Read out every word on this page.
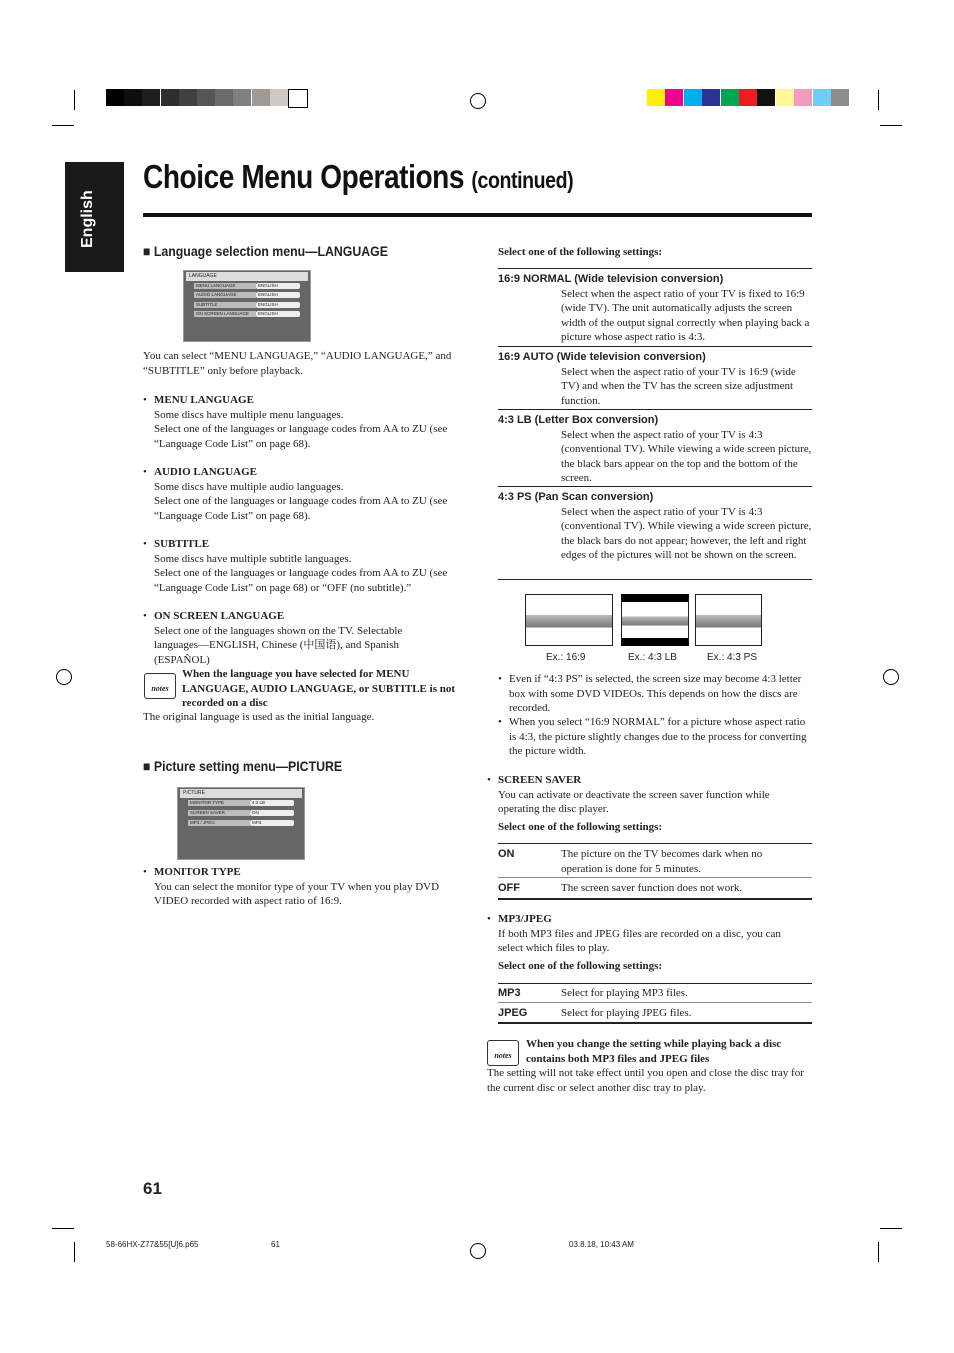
English
Choice Menu Operations (continued)
■ Language selection menu—LANGUAGE
LANGUAGE
MENU LANGUAGE	ENGLISH
AUDIO LANGUAGE	ENGLISH
SUBTITLE	ENGLISH
ON SCREEN LANGUAGE	ENGLISH
You can select “MENU LANGUAGE,” “AUDIO LANGUAGE,” and “SUBTITLE” only before playback.
• MENU LANGUAGE
Some discs have multiple menu languages.
Select one of the languages or language codes from AA to ZU (see “Language Code List” on page 68).
• AUDIO LANGUAGE
Some discs have multiple audio languages.
Select one of the languages or language codes from AA to ZU (see “Language Code List” on page 68).
• SUBTITLE
Some discs have multiple subtitle languages.
Select one of the languages or language codes from AA to ZU (see “Language Code List” on page 68) or “OFF (no subtitle).”
• ON SCREEN LANGUAGE
Select one of the languages shown on the TV. Selectable languages—ENGLISH, Chinese (中国语), and Spanish (ESPAÑOL)
notes
When the language you have selected for MENU LANGUAGE, AUDIO LANGUAGE, or SUBTITLE is not recorded on a disc
The original language is used as the initial language.
■ Picture setting menu—PICTURE
PICTURE
MONITOR TYPE	4:3 LB
SCREEN SAVER	ON
MP3 / JPEG	MP3
• MONITOR TYPE
You can select the monitor type of your TV when you play DVD VIDEO recorded with aspect ratio of 16:9.
Select one of the following settings:
16:9 NORMAL (Wide television conversion)
Select when the aspect ratio of your TV is fixed to 16:9 (wide TV). The unit automatically adjusts the screen width of the output signal correctly when playing back a picture whose aspect ratio is 4:3.
16:9 AUTO (Wide television conversion)
Select when the aspect ratio of your TV is 16:9 (wide TV) and when the TV has the screen size adjustment function.
4:3 LB (Letter Box conversion)
Select when the aspect ratio of your TV is 4:3 (conventional TV). While viewing a wide screen picture, the black bars appear on the top and the bottom of the screen.
4:3 PS (Pan Scan conversion)
Select when the aspect ratio of your TV is 4:3 (conventional TV). While viewing a wide screen picture, the black bars do not appear; however, the left and right edges of the pictures will not be shown on the screen.
Ex.: 16:9	Ex.: 4:3 LB	Ex.: 4:3 PS
• Even if “4:3 PS” is selected, the screen size may become 4:3 letter box with some DVD VIDEOs. This depends on how the discs are recorded.
• When you select “16:9 NORMAL” for a picture whose aspect ratio is 4:3, the picture slightly changes due to the process for converting the picture width.
• SCREEN SAVER
You can activate or deactivate the screen saver function while operating the disc player.
Select one of the following settings:
ON	The picture on the TV becomes dark when no operation is done for 5 minutes.
OFF	The screen saver function does not work.
• MP3/JPEG
If both MP3 files and JPEG files are recorded on a disc, you can select which files to play.
Select one of the following settings:
MP3	Select for playing MP3 files.
JPEG	Select for playing JPEG files.
notes
When you change the setting while playing back a disc contains both MP3 files and JPEG files
The setting will not take effect until you open and close the disc tray for the current disc or select another disc tray to play.
61
58-66HX-Z77&55[U]6.p65	61	03.8.18, 10:43 AM
